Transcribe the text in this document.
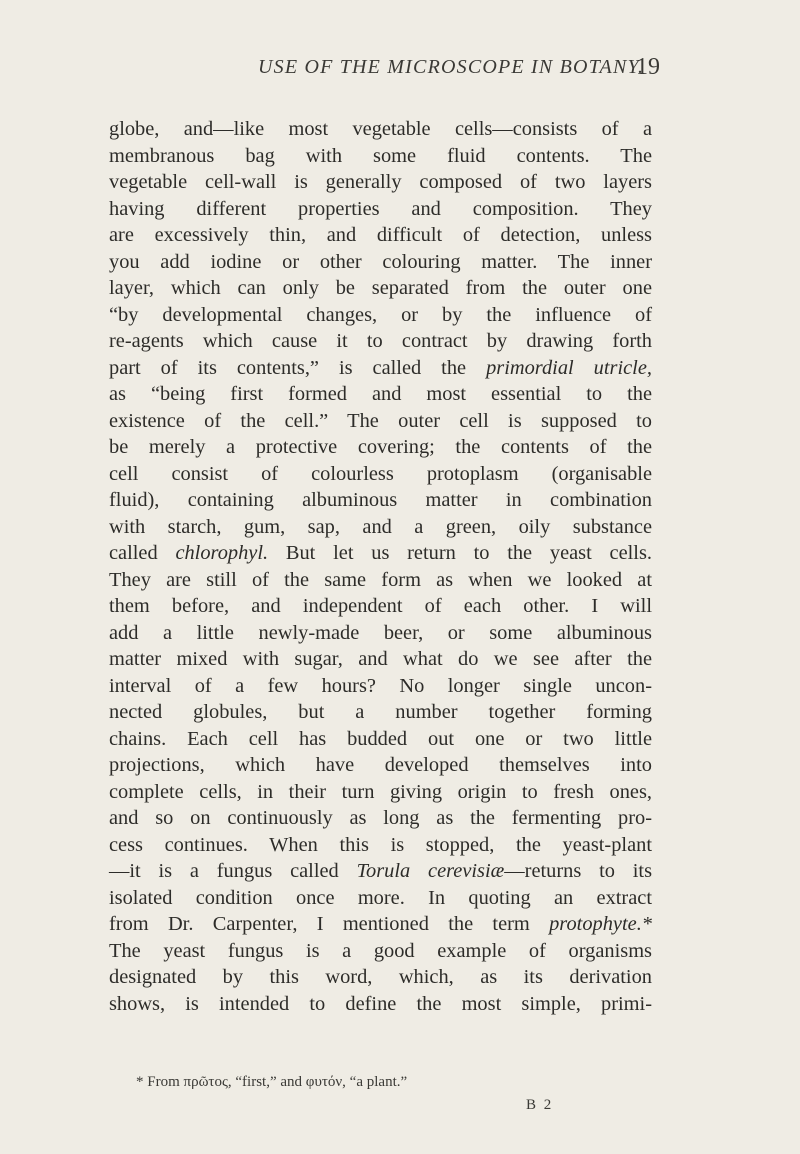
USE OF THE MICROSCOPE IN BOTANY.
19
globe, and—like most vegetable cells—consists of a
membranous bag with some fluid contents. The
vegetable cell-wall is generally composed of two layers
having different properties and composition. They
are excessively thin, and difficult of detection, unless
you add iodine or other colouring matter. The inner
layer, which can only be separated from the outer one
“by developmental changes, or by the influence of
re-agents which cause it to contract by drawing forth
part of its contents,” is called the primordial utricle,
as “being first formed and most essential to the
existence of the cell.” The outer cell is supposed to
be merely a protective covering; the contents of the
cell consist of colourless protoplasm (organisable
fluid), containing albuminous matter in combination
with starch, gum, sap, and a green, oily substance
called chlorophyl. But let us return to the yeast cells.
They are still of the same form as when we looked at
them before, and independent of each other. I will
add a little newly-made beer, or some albuminous
matter mixed with sugar, and what do we see after the
interval of a few hours? No longer single uncon-
nected globules, but a number together forming
chains. Each cell has budded out one or two little
projections, which have developed themselves into
complete cells, in their turn giving origin to fresh ones,
and so on continuously as long as the fermenting pro-
cess continues. When this is stopped, the yeast-plant
—it is a fungus called Torula cerevisiæ—returns to its
isolated condition once more. In quoting an extract
from Dr. Carpenter, I mentioned the term protophyte.*
The yeast fungus is a good example of organisms
designated by this word, which, as its derivation
shows, is intended to define the most simple, primi-
* From πρῶτος, “first,” and φυτόν, “a plant.”
B 2
